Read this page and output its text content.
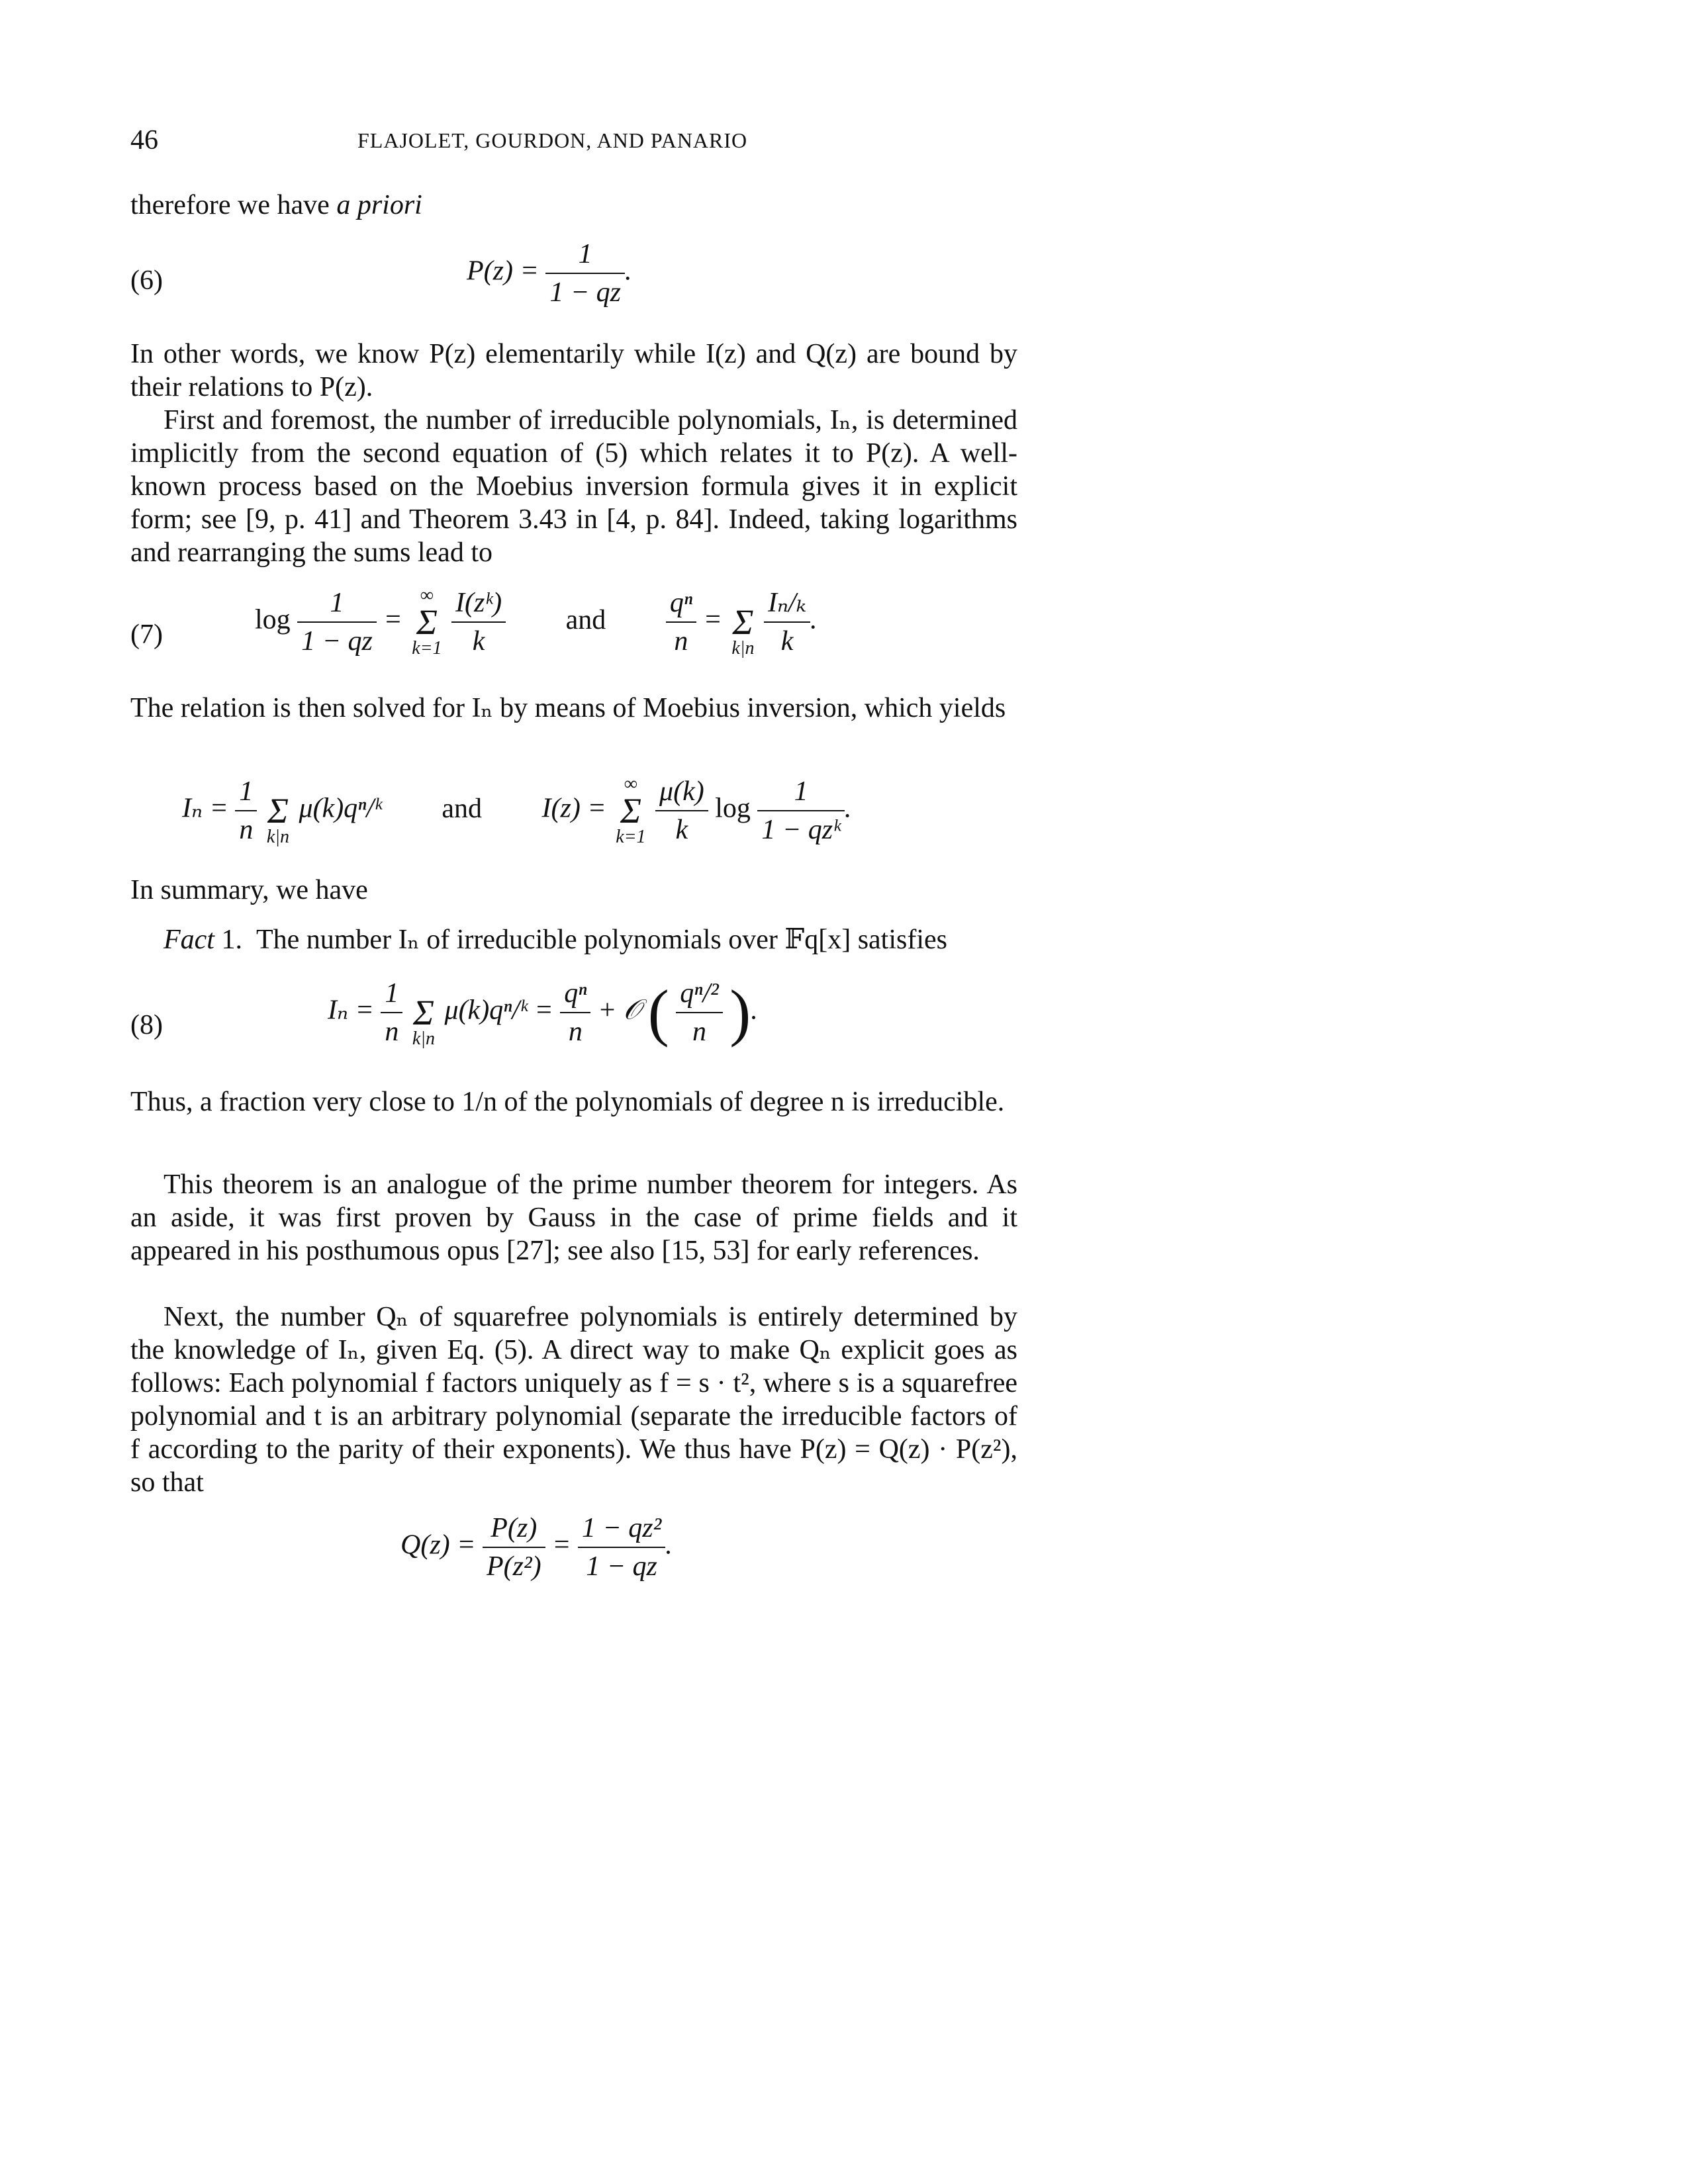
46	FLAJOLET, GOURDON, AND PANARIO
therefore we have a priori
(6)	$P(z) = \frac{1}{1 - qz}$ .
In other words, we know P(z) elementarily while I(z) and Q(z) are bound by their relations to P(z).
First and foremost, the number of irreducible polynomials, Iₙ, is determined implicitly from the second equation of (5) which relates it to P(z). A well-known process based on the Moebius inversion formula gives it in explicit form; see [9, p. 41] and Theorem 3.43 in [4, p. 84]. Indeed, taking logarithms and rearranging the sums lead to
(7)	$\log \frac{1}{1 - qz}$ =
∞
Σ
k=1
$\frac{\text{I(zᵏ)}}{k}$ and $\frac{\text{qⁿ}}{n}$ =
Σ
k|n
$\frac{\text{Iₙ/ₖ}}{k}$ .
The relation is then solved for Iₙ by means of Moebius inversion, which yields
$I_n = \frac{1}{n}$

Σ
k|n
μ(k)qⁿ/ᵏ and I(z) =
∞
Σ
k=1
$\frac{\mu(k)}{k}$ $\log \frac{1}{\text{1 − qzᵏ}}$ .
In summary, we have
Fact 1. The number Iₙ of irreducible polynomials over 𝔽q[x] satisfies
(8)	$I_n = \frac{1}{n}$

Σ
k|n
μ(k)qⁿ/ᵏ = $\frac{\text{qⁿ}}{n}$ + 𝒪 ( $\frac{\text{qⁿ/²}}{n}$ ).
Thus, a fraction very close to 1/n of the polynomials of degree n is irreducible.
This theorem is an analogue of the prime number theorem for integers. As an aside, it was first proven by Gauss in the case of prime fields and it appeared in his posthumous opus [27]; see also [15, 53] for early references.
Next, the number Qₙ of squarefree polynomials is entirely determined by the knowledge of Iₙ, given Eq. (5). A direct way to make Qₙ explicit goes as follows: Each polynomial f factors uniquely as f = s · t², where s is a squarefree polynomial and t is an arbitrary polynomial (separate the irreducible factors of f according to the parity of their exponents). We thus have P(z) = Q(z) · P(z²), so that
$Q(z) = \frac{P(z)}{\text{P(z²)}} = \frac{\text{1 − qz²}}{1 - qz}$ .
